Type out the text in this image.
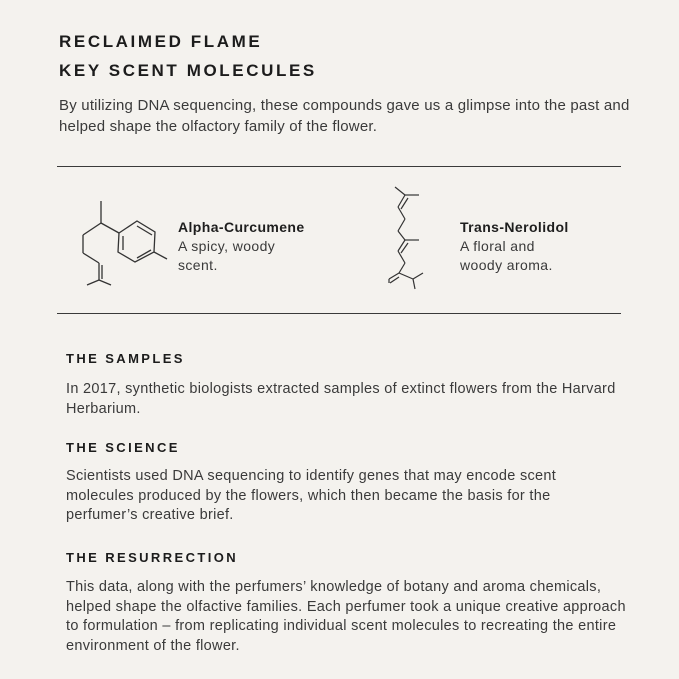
RECLAIMED FLAME
KEY SCENT MOLECULES

By utilizing DNA sequencing, these compounds gave us a glimpse into the past and helped shape the olfactory family of the flower.

Alpha-Curcumene
A spicy, woody
scent.
Trans-Nerolidol
A floral and
woody aroma.
THE SAMPLES
In 2017, synthetic biologists extracted samples of extinct flowers from the Harvard Herbarium.
THE SCIENCE
Scientists used DNA sequencing to identify genes that may encode scent molecules produced by the flowers, which then became the basis for the perfumer’s creative brief.
THE RESURRECTION
This data, along with the perfumers’ knowledge of botany and aroma chemicals, helped shape the olfactive families. Each perfumer took a unique creative approach to formulation – from replicating individual scent molecules to recreating the entire environment of the flower.
